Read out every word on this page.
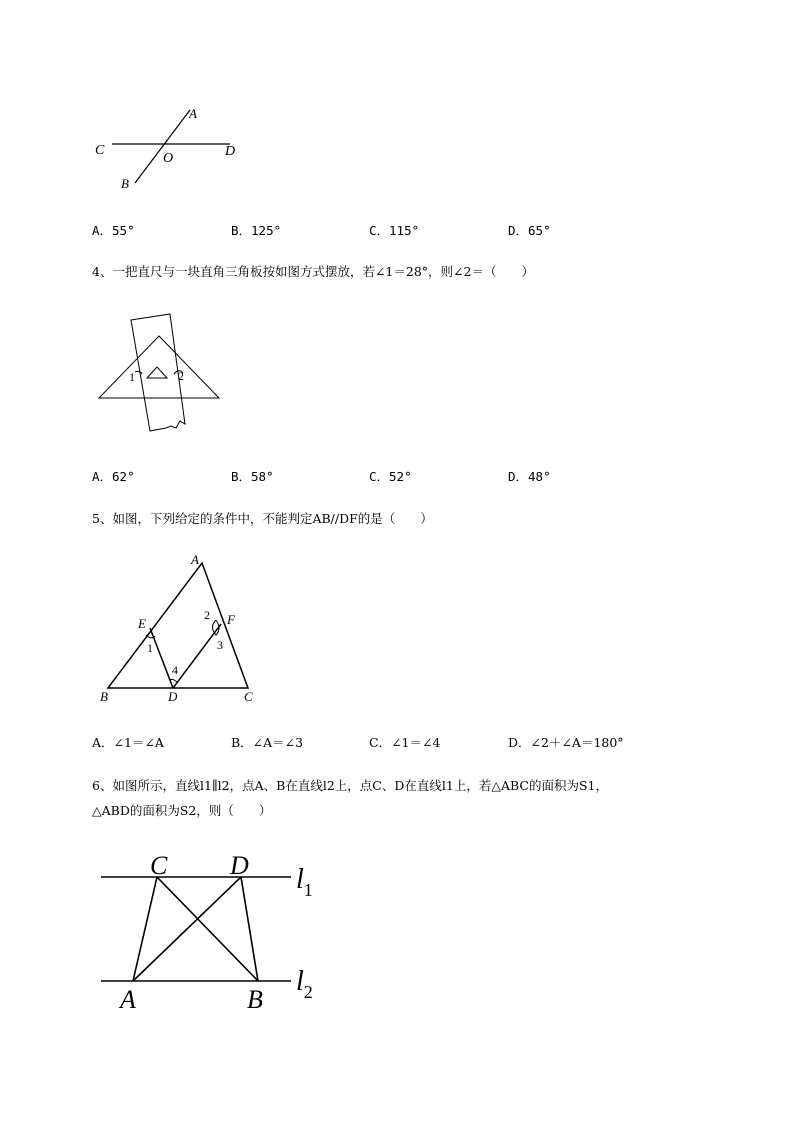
A
C
O	D
B
A．55°	B．125°	C．115°	D．65°
4、一把直尺与一块直角三角板按如图方式摆放，若∠1＝28°，则∠2＝（　　）
1	2
A．62°	B．58°	C．52°	D．48°
5、如图，下列给定的条件中，不能判定AB//DF的是（　　）
A
E	F
B	D	C
1
2
3
4
A．∠1＝∠A	B．∠A＝∠3	C．∠1＝∠4	D．∠2＋∠A＝180°
6、如图所示，直线l1∥l2，点A、B在直线l2上，点C、D在直线l1上，若△ABC的面积为S1，
△ABD的面积为S2，则（　　）
C D
A	B
$l_1$
$l_2$
